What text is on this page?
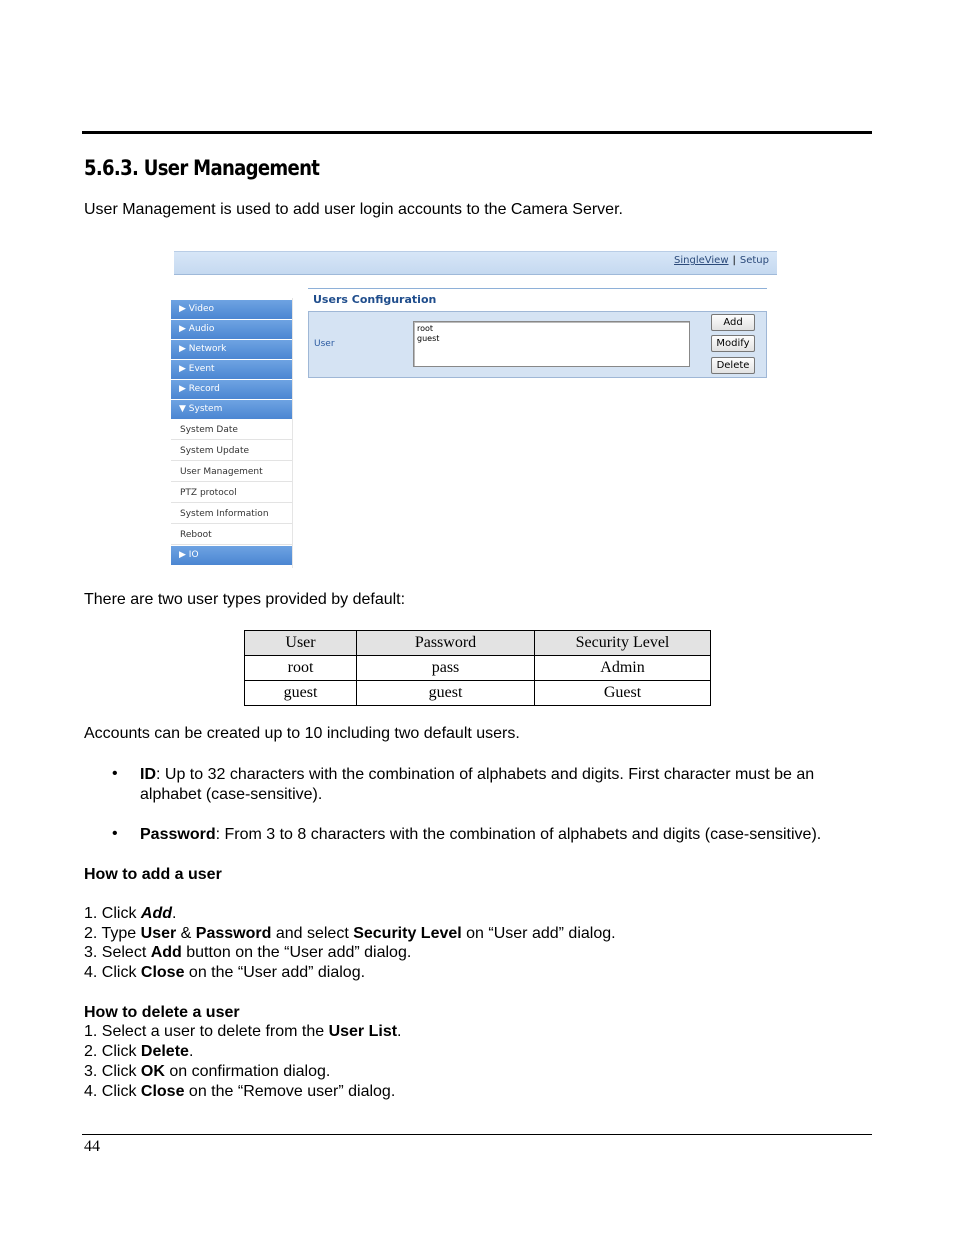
5.6.3. User Management
User Management is used to add user login accounts to the Camera Server.
SingleView | Setup
▶ Video
▶ Audio
▶ Network
▶ Event
▶ Record
▼ System
System Date
System Update
User Management
PTZ protocol
System Information
Reboot
▶ IO
Users Configuration
User
root
guest
Add
Modify
Delete
There are two user types provided by default:
User	Password	Security Level
root	pass	Admin
guest	guest	Guest
Accounts can be created up to 10 including two default users.
• ID: Up to 32 characters with the combination of alphabets and digits. First character must be an
alphabet (case-sensitive).
• Password: From 3 to 8 characters with the combination of alphabets and digits (case-sensitive).
How to add a user
1. Click Add.
2. Type User & Password and select Security Level on “User add” dialog.
3. Select Add button on the “User add” dialog.
4. Click Close on the “User add” dialog.
How to delete a user
1. Select a user to delete from the User List.
2. Click Delete.
3. Click OK on confirmation dialog.
4. Click Close on the “Remove user” dialog.
44
